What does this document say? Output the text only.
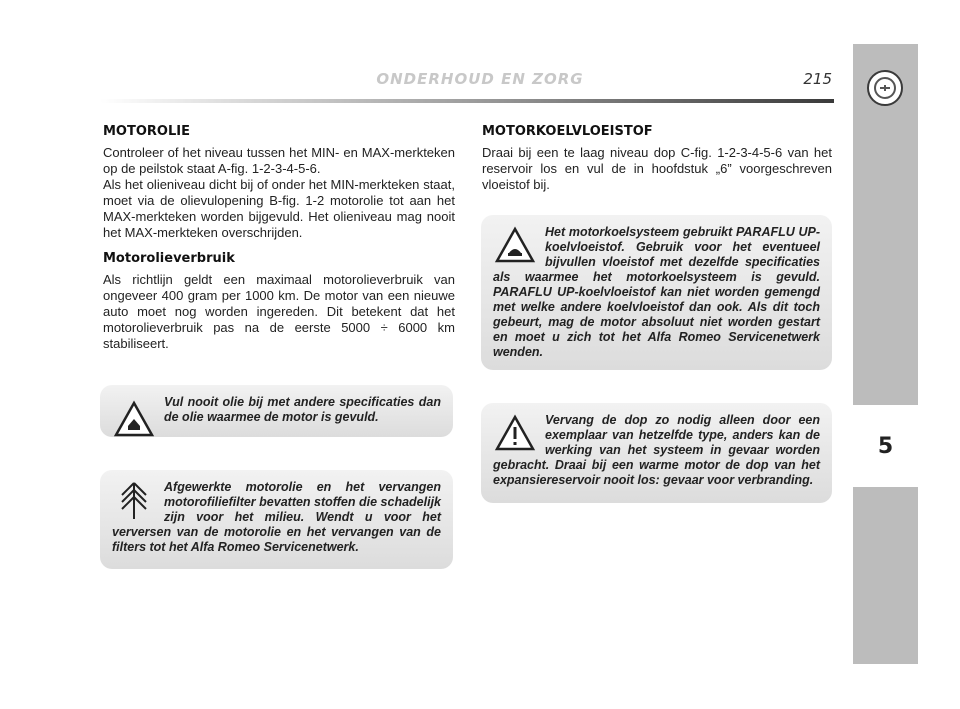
ONDERHOUD EN ZORG	215
5
MOTOROLIE

Controleer of het niveau tussen het MIN- en MAX-merkteken op de peilstok staat A-fig. 1-2-3-4-5-6.

Als het olieniveau dicht bij of onder het MIN-merkteken staat, moet via de olievulopening B-fig. 1-2 motorolie tot aan het MAX-merkteken worden bijgevuld. Het olieniveau mag nooit het MAX-merkteken overschrijden.

Motorolieverbruik

Als richtlijn geldt een maximaal motorolieverbruik van ongeveer 400 gram per 1000 km. De motor van een nieuwe auto moet nog worden ingereden. Dit betekent dat het motorolieverbruik pas na de eerste 5000 ÷ 6000 km stabiliseert.

Vul nooit olie bij met andere specificaties dan de olie waarmee de motor is gevuld.
Afgewerkte motorolie en het vervangen motorofiliefilter bevatten stoffen die schadelijk zijn voor het milieu. Wendt u voor het verversen van de motorolie en het vervangen van de filters tot het Alfa Romeo Servicenetwerk.
MOTORKOELVLOEISTOF

Draai bij een te laag niveau dop C-fig. 1-2-3-4-5-6 van het reservoir los en vul de in hoofdstuk „6” voorgeschreven vloeistof bij.

Het motorkoelsysteem gebruikt PARAFLU UP-koelvloeistof. Gebruik voor het eventueel bijvullen vloeistof met dezelfde specificaties als waarmee het motorkoelsysteem is gevuld. PARAFLU UP-koelvloeistof kan niet worden gemengd met welke andere koelvloeistof dan ook. Als dit toch gebeurt, mag de motor absoluut niet worden gestart en moet u zich tot het Alfa Romeo Servicenetwerk wenden.
Vervang de dop zo nodig alleen door een exemplaar van hetzelfde type, anders kan de werking van het systeem in gevaar worden gebracht. Draai bij een warme motor de dop van het expansiereservoir nooit los: gevaar voor verbranding.
